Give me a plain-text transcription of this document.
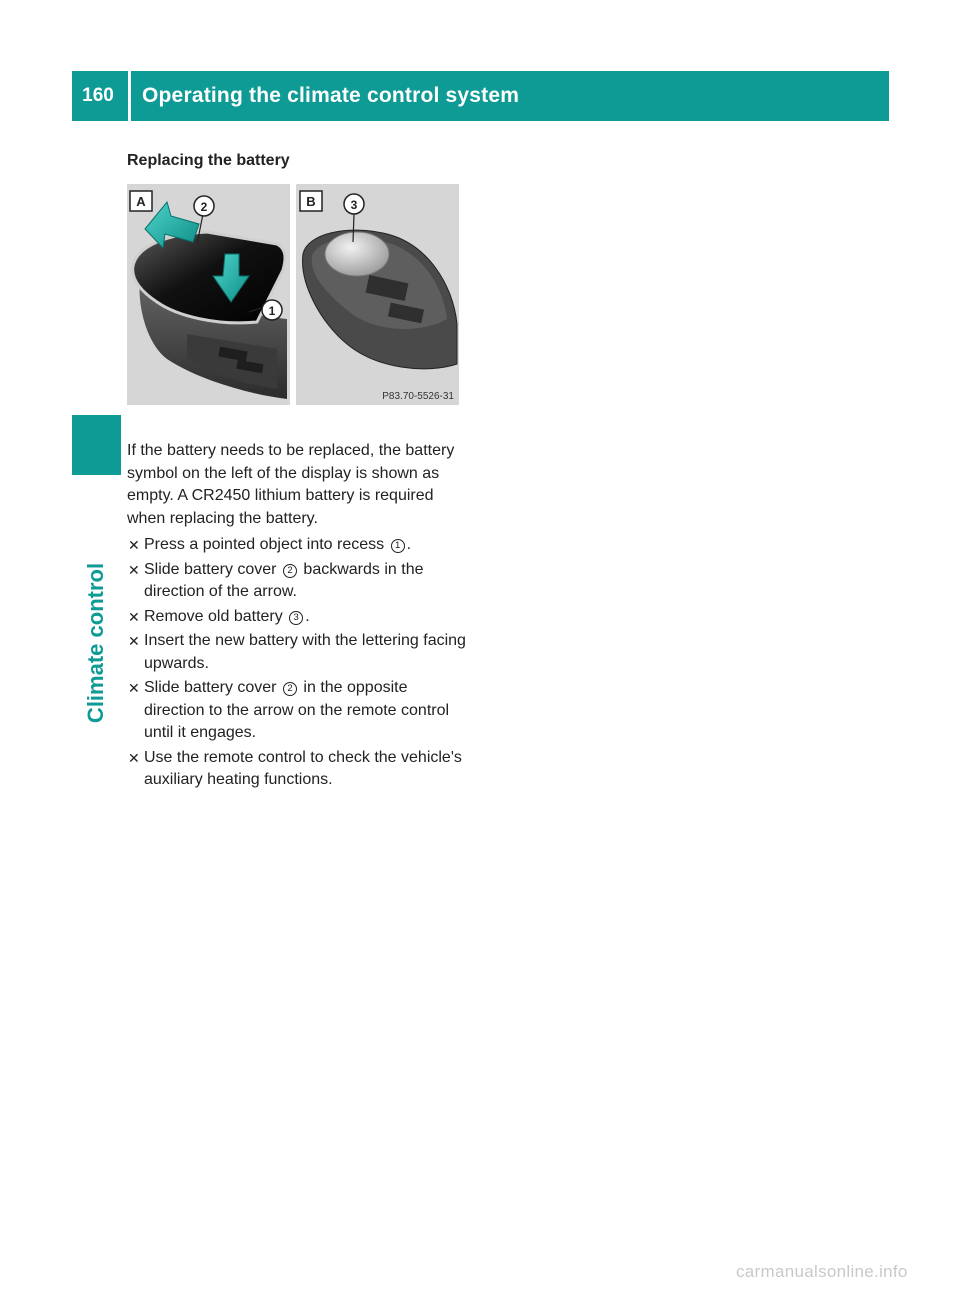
160	Operating the climate control system
Climate control
Replacing the battery
A	2
1
B	3
P83.70-5526-31

If the battery needs to be replaced, the battery symbol on the left of the display is shown as empty. A CR2450 lithium battery is required when replacing the battery.

✕ Press a pointed object into recess 1 .
✕ Slide battery cover 2 backwards in the direction of the arrow.
✕ Remove old battery 3 .
✕ Insert the new battery with the lettering facing upwards.
✕ Slide battery cover 2 in the opposite direction to the arrow on the remote control until it engages.
✕ Use the remote control to check the vehicle's auxiliary heating functions.
carmanualsonline.info
